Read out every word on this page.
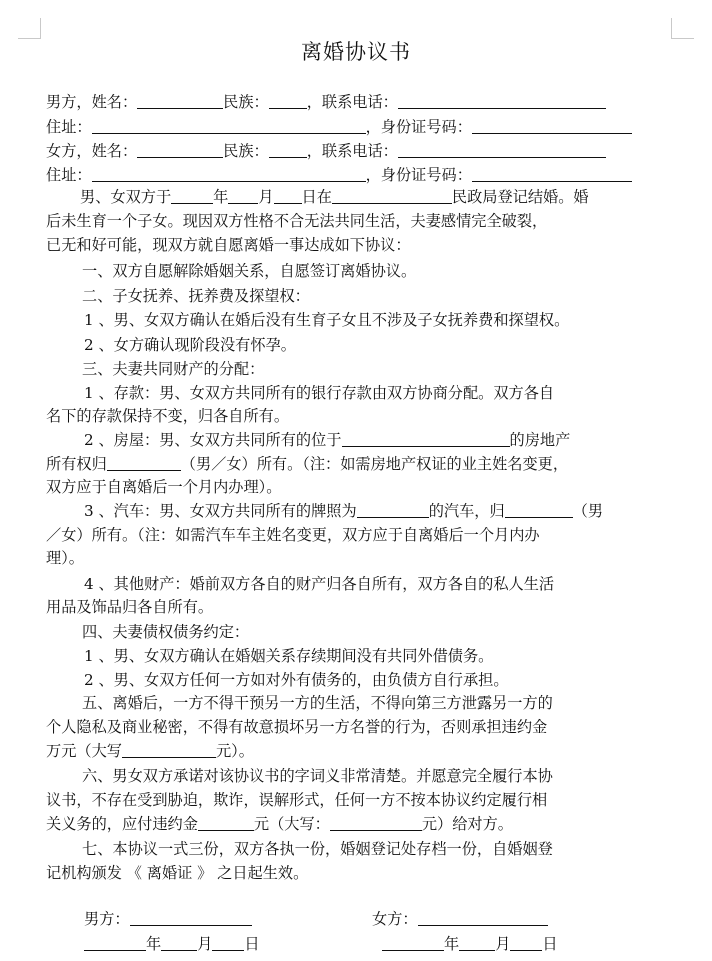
离婚协议书
男方，姓名：	民族：	，联系电话：
住址：	，身份证号码：
女方，姓名：	民族：	，联系电话：
住址：	，身份证号码：
男、女双方于	年 月 日在	民政局登记结婚。婚
后未生育一个子女。现因双方性格不合无法共同生活，夫妻感情完全破裂，
已无和好可能，现双方就自愿离婚一事达成如下协议：
一、双方自愿解除婚姻关系，自愿签订离婚协议。
二、子女抚养、抚养费及探望权：
1 、男、女双方确认在婚后没有生育子女且不涉及子女抚养费和探望权。
2 、女方确认现阶段没有怀孕。
三、夫妻共同财产的分配：
1 、存款：男、女双方共同所有的银行存款由双方协商分配。双方各自
名下的存款保持不变，归各自所有。
2 、房屋：男、女双方共同所有的位于	的房地产
所有权归	（男／女）所有。（注：如需房地产权证的业主姓名变更，
双方应于自离婚后一个月内办理）。
3 、汽车：男、女双方共同所有的牌照为	的汽车，归	（男
／女）所有。（注：如需汽车车主姓名变更，双方应于自离婚后一个月内办
理）。
4 、其他财产：婚前双方各自的财产归各自所有，双方各自的私人生活
用品及饰品归各自所有。
四、夫妻债权债务约定：
1 、男、女双方确认在婚姻关系存续期间没有共同外借债务。
2 、男、女双方任何一方如对外有债务的，由负债方自行承担。
五、离婚后，一方不得干预另一方的生活，不得向第三方泄露另一方的
个人隐私及商业秘密，不得有故意损坏另一方名誉的行为，否则承担违约金
万元（大写	元）。
六、男女双方承诺对该协议书的字词义非常清楚。并愿意完全履行本协
议书，不存在受到胁迫，欺诈，误解形式，任何一方不按本协议约定履行相
关义务的，应付违约金	元（大写：	元）给对方。
七、本协议一式三份，双方各执一份，婚姻登记处存档一份，自婚姻登
记机构颁发 《 离婚证 》 之日起生效。
男方：	女方：
年 月 日	年 月 日
